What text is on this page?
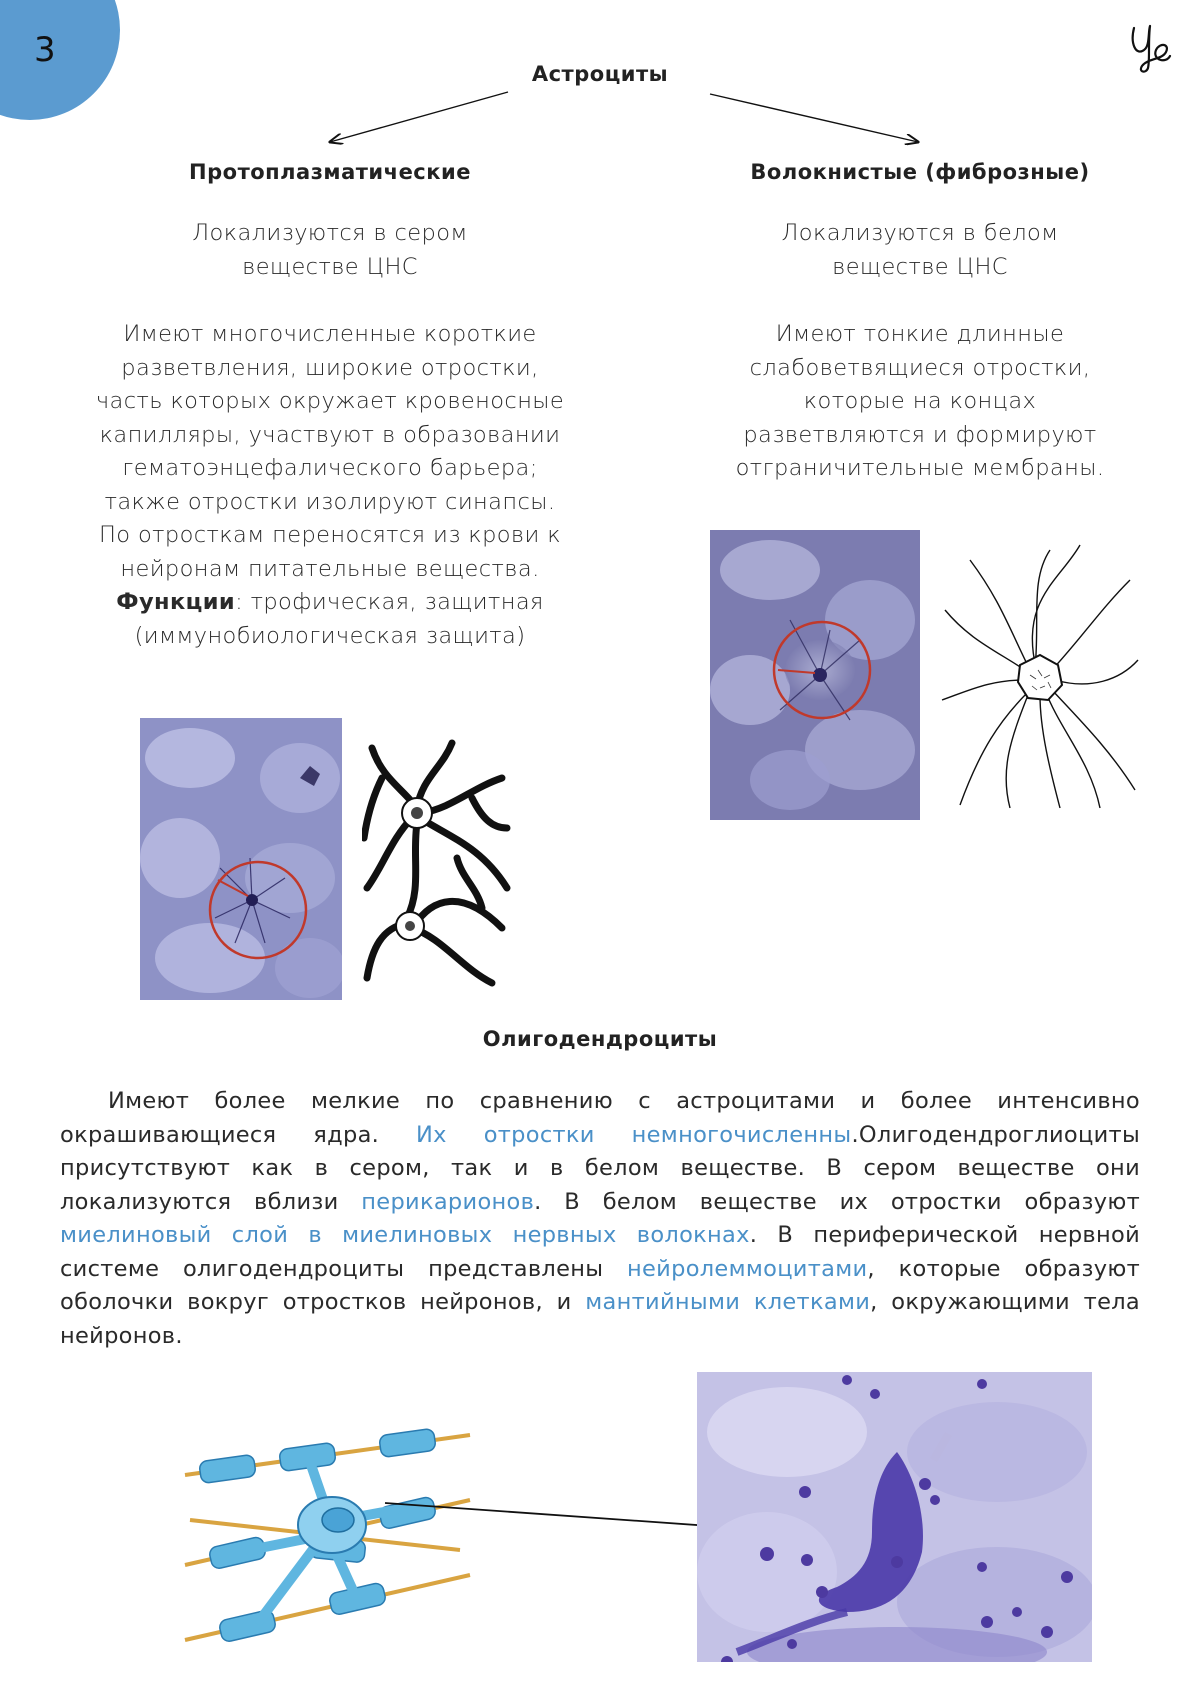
3
Астроциты
Протоплазматические
Локализуются в сером
веществе ЦНС
Имеют многочисленные короткие
разветвления, широкие отростки,
часть которых окружает кровеносные
капилляры, участвуют в образовании
гематоэнцефалического барьера;
также отростки изолируют синапсы.
По отросткам переносятся из крови к
нейронам питательные вещества.
Функции: трофическая, защитная
(иммунобиологическая защита)
Волокнистые (фиброзные)
Локализуются в белом
веществе ЦНС
Имеют тонкие длинные
слабоветвящиеся отростки,
которые на концах
разветвляются и формируют
отграничительные мембраны.
Олигодендроциты
Имеют более мелкие по сравнению с астроцитами и более интенсивно окрашивающиеся ядра. Их отростки немногочисленны.Олигодендроглиоциты присутствуют как в сером, так и в белом веществе. В сером веществе они локализуются вблизи перикарионов. В белом веществе их отростки образуют миелиновый слой в миелиновых нервных волокнах. В периферической нервной системе олигодендроциты представлены нейролеммоцитами, которые образуют оболочки вокруг отростков нейронов, и мантийными клетками, окружающими тела нейронов.
